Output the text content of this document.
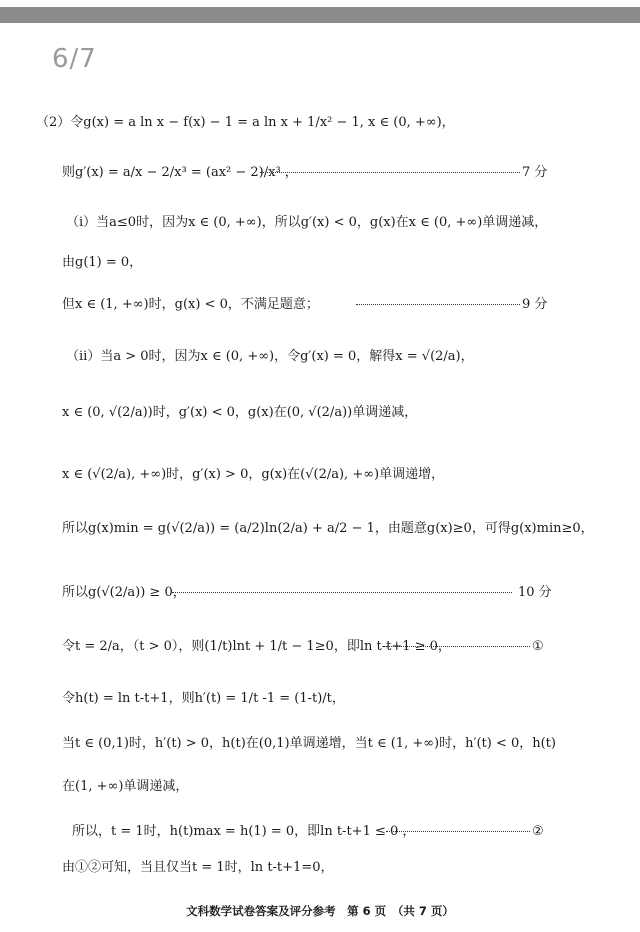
6/7
（2）令g(x) = a ln x − f(x) − 1 = a ln x + 1/x² − 1, x ∈ (0, +∞)，
则g′(x) = a/x − 2/x³ = (ax² − 2)/x³ ，	7 分
（i）当a≤0时，因为x ∈ (0, +∞)，所以g′(x) < 0，g(x)在x ∈ (0, +∞)单调递减，
由g(1) = 0，
但x ∈ (1, +∞)时，g(x) < 0，不满足题意；	9 分
（ii）当a > 0时，因为x ∈ (0, +∞)，令g′(x) = 0，解得x = √(2/a)，
x ∈ (0, √(2/a))时，g′(x) < 0，g(x)在(0, √(2/a))单调递减，
x ∈ (√(2/a), +∞)时，g′(x) > 0，g(x)在(√(2/a), +∞)单调递增，
所以g(x)min = g(√(2/a)) = (a/2)ln(2/a) + a/2 − 1，由题意g(x)≥0，可得g(x)min≥0，
所以g(√(2/a)) ≥ 0，	10 分
令t = 2/a，（t > 0），则(1/t)lnt + 1/t − 1≥0，即ln t-t+1 ≥ 0，	①
令h(t) = ln t-t+1，则h′(t) = 1/t -1 = (1-t)/t，
当t ∈ (0,1)时，h′(t) > 0，h(t)在(0,1)单调递增，当t ∈ (1, +∞)时，h′(t) < 0，h(t)
在(1, +∞)单调递减，
所以，t = 1时，h(t)max = h(1) = 0，即ln t-t+1 ≤ 0 ，	②
由①②可知，当且仅当t = 1时，ln t-t+1=0，
文科数学试卷答案及评分参考　第 6 页　（共 7 页）
